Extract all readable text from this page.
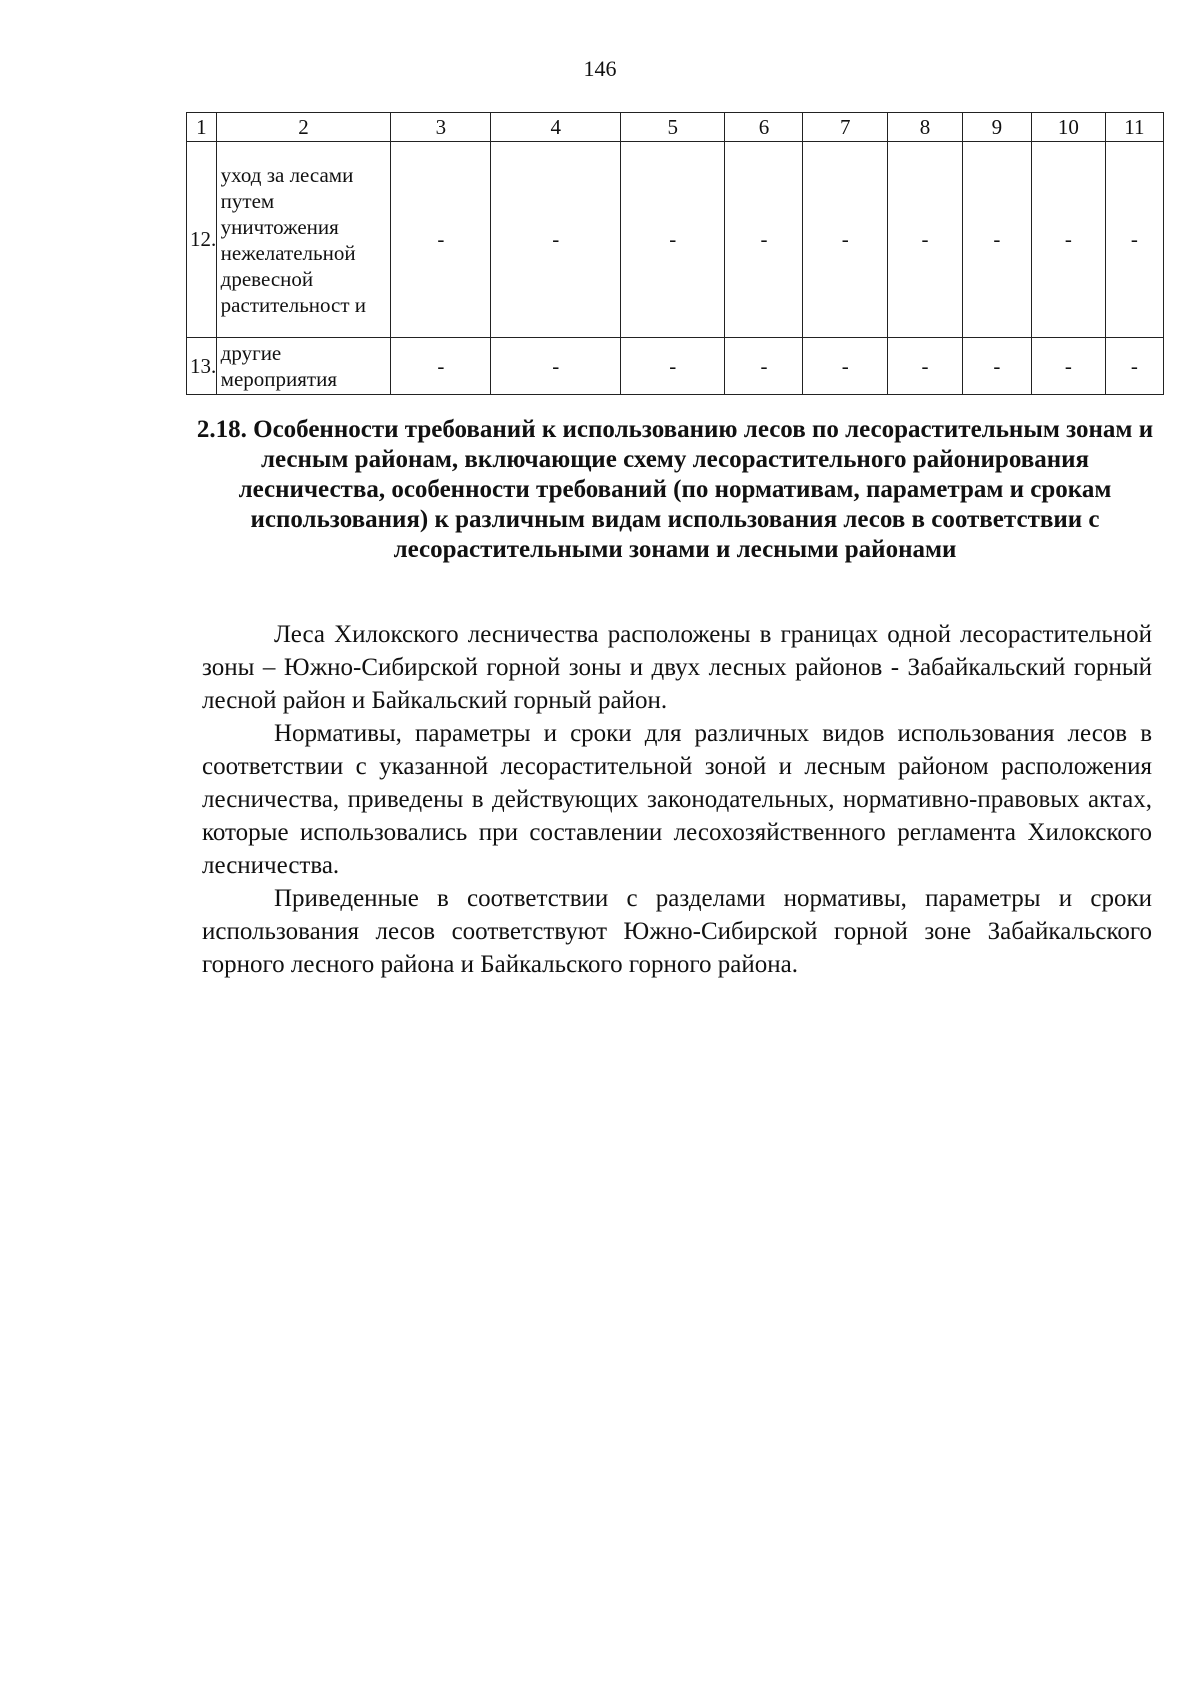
146
1	2	3	4	5	6	7	8	9	10	11
12.	уход за лесами путем уничтожения нежелательной древесной растительност и	-	-	-	-	-	-	-	-	-
13.	другие мероприятия	-	-	-	-	-	-	-	-	-
2.18. Особенности требований к использованию лесов по лесорастительным зонам и лесным районам, включающие схему лесорастительного районирования лесничества, особенности требований (по нормативам, параметрам и срокам использования) к различным видам использования лесов в соответствии с лесорастительными зонами и лесными районами

Леса Хилокского лесничества расположены в границах одной лесорастительной зоны – Южно-Сибирской горной зоны и двух лесных районов - Забайкальский горный лесной район и Байкальский горный район.

Нормативы, параметры и сроки для различных видов использования лесов в соответствии с указанной лесорастительной зоной и лесным районом расположения лесничества, приведены в действующих законодательных, нормативно-правовых актах, которые использовались при составлении лесохозяйственного регламента Хилокского лесничества.

Приведенные в соответствии с разделами нормативы, параметры и сроки использования лесов соответствуют Южно-Сибирской горной зоне Забайкальского горного лесного района и Байкальского горного района.
